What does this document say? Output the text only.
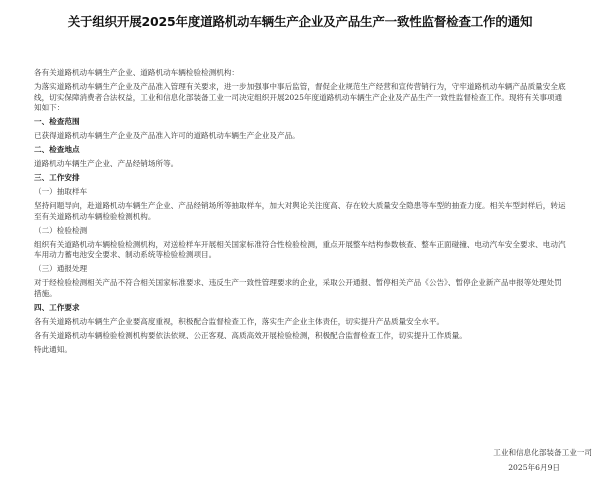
关于组织开展2025年度道路机动车辆生产企业及产品生产一致性监督检查工作的通知

各有关道路机动车辆生产企业、道路机动车辆检验检测机构：

为落实道路机动车辆生产企业及产品准入管理有关要求，进一步加强事中事后监管，督促企业规范生产经营和宣传营销行为，守牢道路机动车辆产品质量安全底线，切实保障消费者合法权益，工业和信息化部装备工业一司决定组织开展2025年度道路机动车辆生产企业及产品生产一致性监督检查工作。现将有关事项通知如下：

一、检查范围

已获得道路机动车辆生产企业及产品准入许可的道路机动车辆生产企业及产品。

二、检查地点

道路机动车辆生产企业、产品经销场所等。

三、工作安排

（一）抽取样车

坚持问题导向，赴道路机动车辆生产企业、产品经销场所等抽取样车，加大对舆论关注度高、存在较大质量安全隐患等车型的抽查力度。相关车型封样后，转运至有关道路机动车辆检验检测机构。

（二）检验检测

组织有关道路机动车辆检验检测机构，对送检样车开展相关国家标准符合性检验检测，重点开展整车结构参数核查、整车正面碰撞、电动汽车安全要求、电动汽车用动力蓄电池安全要求、制动系统等检验检测项目。

（三）通报处理

对于经检验检测相关产品不符合相关国家标准要求、违反生产一致性管理要求的企业，采取公开通报、暂停相关产品《公告》、暂停企业新产品申报等处理处罚措施。

四、工作要求

各有关道路机动车辆生产企业要高度重视，积极配合监督检查工作，落实生产企业主体责任，切实提升产品质量安全水平。

各有关道路机动车辆检验检测机构要依法依规、公正客观、高质高效开展检验检测，积极配合监督检查工作，切实提升工作质量。

特此通知。

工业和信息化部装备工业一司
2025年6月9日
